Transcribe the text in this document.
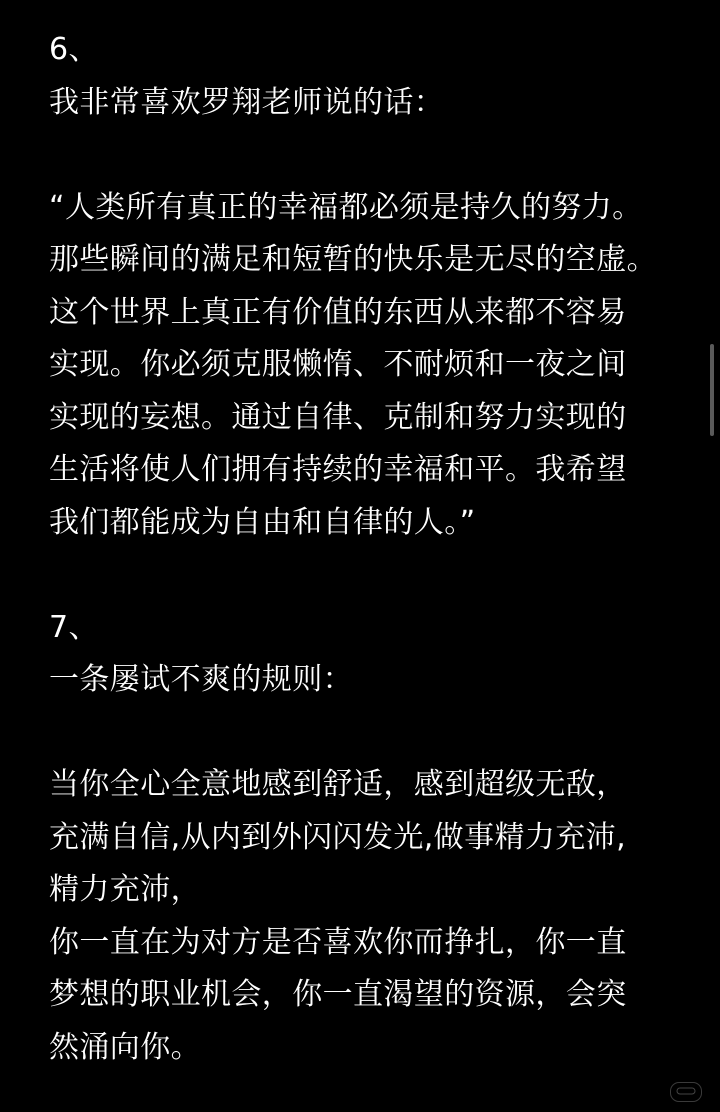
6、
我非常喜欢罗翔老师说的话：
“人类所有真正的幸福都必须是持久的努力。
那些瞬间的满足和短暂的快乐是无尽的空虚。
这个世界上真正有价值的东西从来都不容易
实现。你必须克服懒惰、不耐烦和一夜之间
实现的妄想。通过自律、克制和努力实现的
生活将使人们拥有持续的幸福和平。我希望
我们都能成为自由和自律的人。”
7、
一条屡试不爽的规则：
当你全心全意地感到舒适，感到超级无敌，
充满自信,从内到外闪闪发光,做事精力充沛,
精力充沛，
你一直在为对方是否喜欢你而挣扎，你一直
梦想的职业机会，你一直渴望的资源，会突
然涌向你。
